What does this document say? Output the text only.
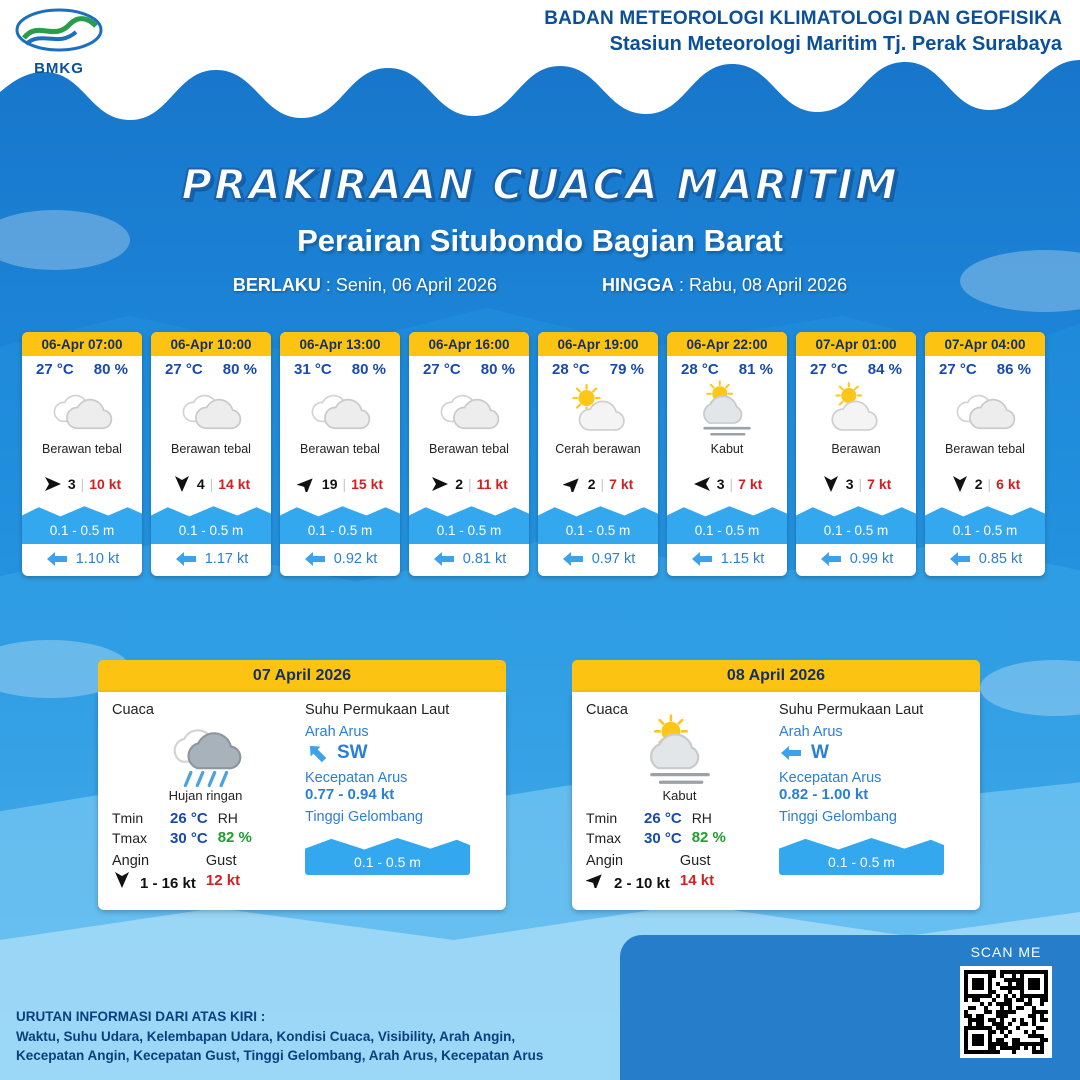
BMKG
BADAN METEOROLOGI KLIMATOLOGI DAN GEOFISIKA
Stasiun Meteorologi Maritim Tj. Perak Surabaya
PRAKIRAAN CUACA MARITIM
Perairan Situbondo Bagian Barat
BERLAKU : Senin, 06 April 2026	HINGGA : Rabu, 08 April 2026
06-Apr 07:00
27 °C 80 %
Berawan tebal
3 | 10 kt
0.1 - 0.5 m
1.10 kt
06-Apr 10:00
27 °C 80 %
Berawan tebal
4 | 14 kt
0.1 - 0.5 m
1.17 kt
06-Apr 13:00
31 °C 80 %
Berawan tebal
19 | 15 kt
0.1 - 0.5 m
0.92 kt
06-Apr 16:00
27 °C 80 %
Berawan tebal
2 | 11 kt
0.1 - 0.5 m
0.81 kt
06-Apr 19:00
28 °C 79 %
Cerah berawan
2 | 7 kt
0.1 - 0.5 m
0.97 kt
06-Apr 22:00
28 °C 81 %
Kabut
3 | 7 kt
0.1 - 0.5 m
1.15 kt
07-Apr 01:00
27 °C 84 %
Berawan
3 | 7 kt
0.1 - 0.5 m
0.99 kt
07-Apr 04:00
27 °C 86 %
Berawan tebal
2 | 6 kt
0.1 - 0.5 m
0.85 kt
07 April 2026
Cuaca
Hujan ringan
Tmin	26 °C
Tmax	30 °C
RH
82 %
Angin
1 - 16 kt
Gust
12 kt
Suhu Permukaan Laut
Arah Arus
SW
Kecepatan Arus
0.77 - 0.94 kt
Tinggi Gelombang
0.1 - 0.5 m
08 April 2026
Cuaca
Kabut
Tmin	26 °C
Tmax	30 °C
RH
82 %
Angin
2 - 10 kt
Gust
14 kt
Suhu Permukaan Laut
Arah Arus
W
Kecepatan Arus
0.82 - 1.00 kt
Tinggi Gelombang
0.1 - 0.5 m
URUTAN INFORMASI DARI ATAS KIRI :
Waktu, Suhu Udara, Kelembapan Udara, Kondisi Cuaca, Visibility, Arah Angin,
Kecepatan Angin, Kecepatan Gust, Tinggi Gelombang, Arah Arus, Kecepatan Arus
SCAN ME
